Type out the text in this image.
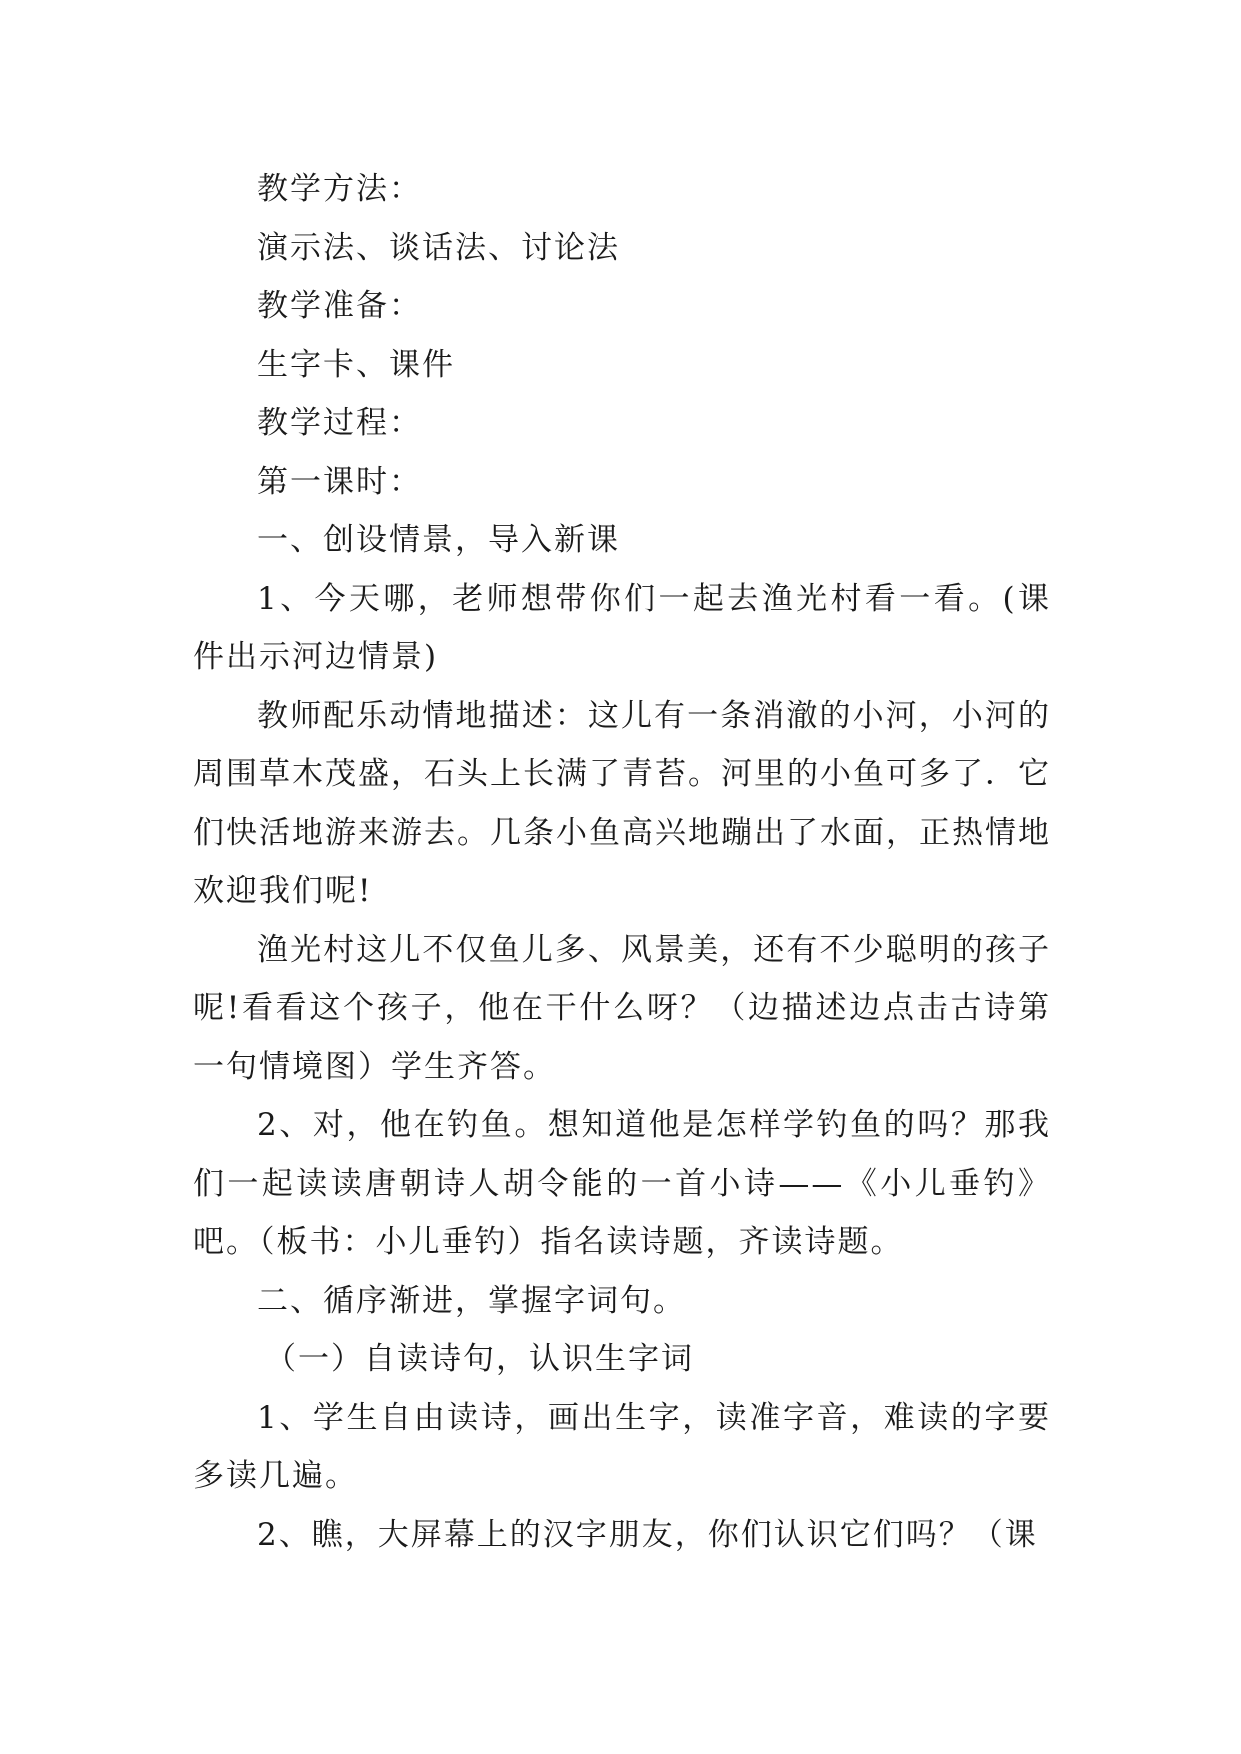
教学方法：

演示法、谈话法、讨论法

教学准备：

生字卡、课件

教学过程：

第一课时：

一、创设情景，导入新课

1、今天哪，老师想带你们一起去渔光村看一看。(课件出示河边情景)

教师配乐动情地描述：这儿有一条消澈的小河，小河的周围草木茂盛，石头上长满了青苔。河里的小鱼可多了．它们快活地游来游去。几条小鱼高兴地蹦出了水面，正热情地欢迎我们呢!

渔光村这儿不仅鱼儿多、风景美，还有不少聪明的孩子呢!看看这个孩子，他在干什么呀？（边描述边点击古诗第一句情境图）学生齐答。

2、对，他在钓鱼。想知道他是怎样学钓鱼的吗？那我们一起读读唐朝诗人胡令能的一首小诗——《小儿垂钓》吧。（板书：小儿垂钓）指名读诗题，齐读诗题。

二、循序渐进，掌握字词句。

（一）自读诗句，认识生字词

1、学生自由读诗，画出生字，读准字音，难读的字要多读几遍。

2、瞧，大屏幕上的汉字朋友，你们认识它们吗？（课
